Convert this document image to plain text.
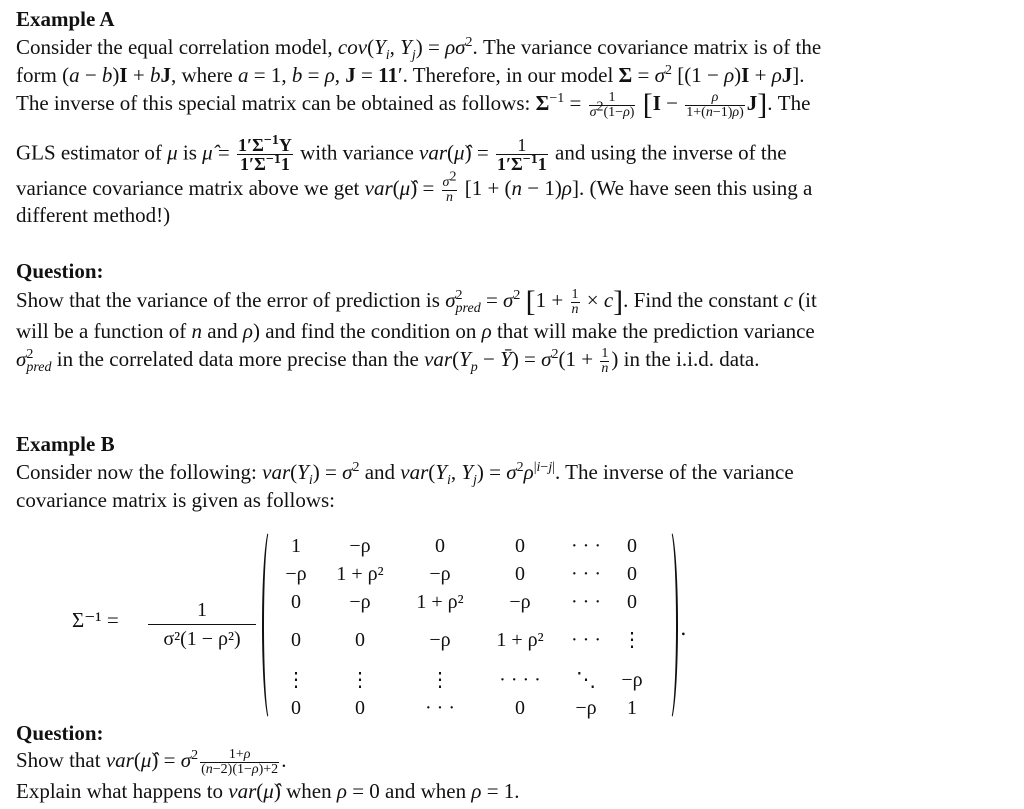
Example A
Consider the equal correlation model, $cov(Y_i$, $Y_j) = \rho\sigma^2$. The variance covariance matrix is of the
form (a − b)I + bJ, where a = 1, b = ρ, J = 11′. Therefore, in our model $\Sigma = \sigma^2$ [(1 − ρ)I + ρJ].
The inverse of this special matrix can be obtained as follows: $\Sigma^{-1} = \frac{1}{\sigma^2(1-\rho)} [I - \frac{\rho}{1+(n-1)\rho)} J]$. The
GLS estimator of μ is μ̂ = $\frac{1'\Sigma^{-1}Y}{1'\Sigma^{-1}1}$ with variance var(μ̂) = $\frac{1}{1'\Sigma^{-1}1}$ and using the inverse of the
variance covariance matrix above we get var(μ̂) = $\frac{\sigma^2}{n} [1 + (n - 1)\rho]$. (We have seen this using a
different method!)
Question:
Show that the variance of the error of prediction is $\sigma^2_{pred} = \sigma^2$ $[1 + \frac{1}{n} \times c]$. Find the constant c (it
will be a function of n and ρ) and find the condition on ρ that will make the prediction variance
$\sigma^2_{pred}$ in the correlated data more precise than the $var(Y_p$ − Ȳ) = $\sigma^2(1 + \frac{1}{n}$ ) in the i.i.d. data.
Example B
Consider now the following: $var(Y_i) = \sigma^2$ and $var(Y_i$, $Y_j) = \sigma^2\rho^{|i-j|}$. The inverse of the variance
covariance matrix is given as follows:
$\Sigma^{-1} = \frac{1}{\text{σ²(1 − ρ²)}}$
1	−ρ	0	0	· · ·	0
−ρ	1 + ρ²	−ρ	0	· · ·	0
0	−ρ	1 + ρ²	−ρ	· · ·	0
0	0	−ρ	1 + ρ²	· · ·	⋮
⋮	⋮	⋮	· · · ·	⋱	−ρ
0	0	· · ·	0	−ρ	1
.
Question:
Show that var(μ̂) = $\sigma^2 \frac{1+\rho}{(n-2)(1-\rho)+2}$ .
Explain what happens to var(μ̂) when ρ = 0 and when ρ = 1.
